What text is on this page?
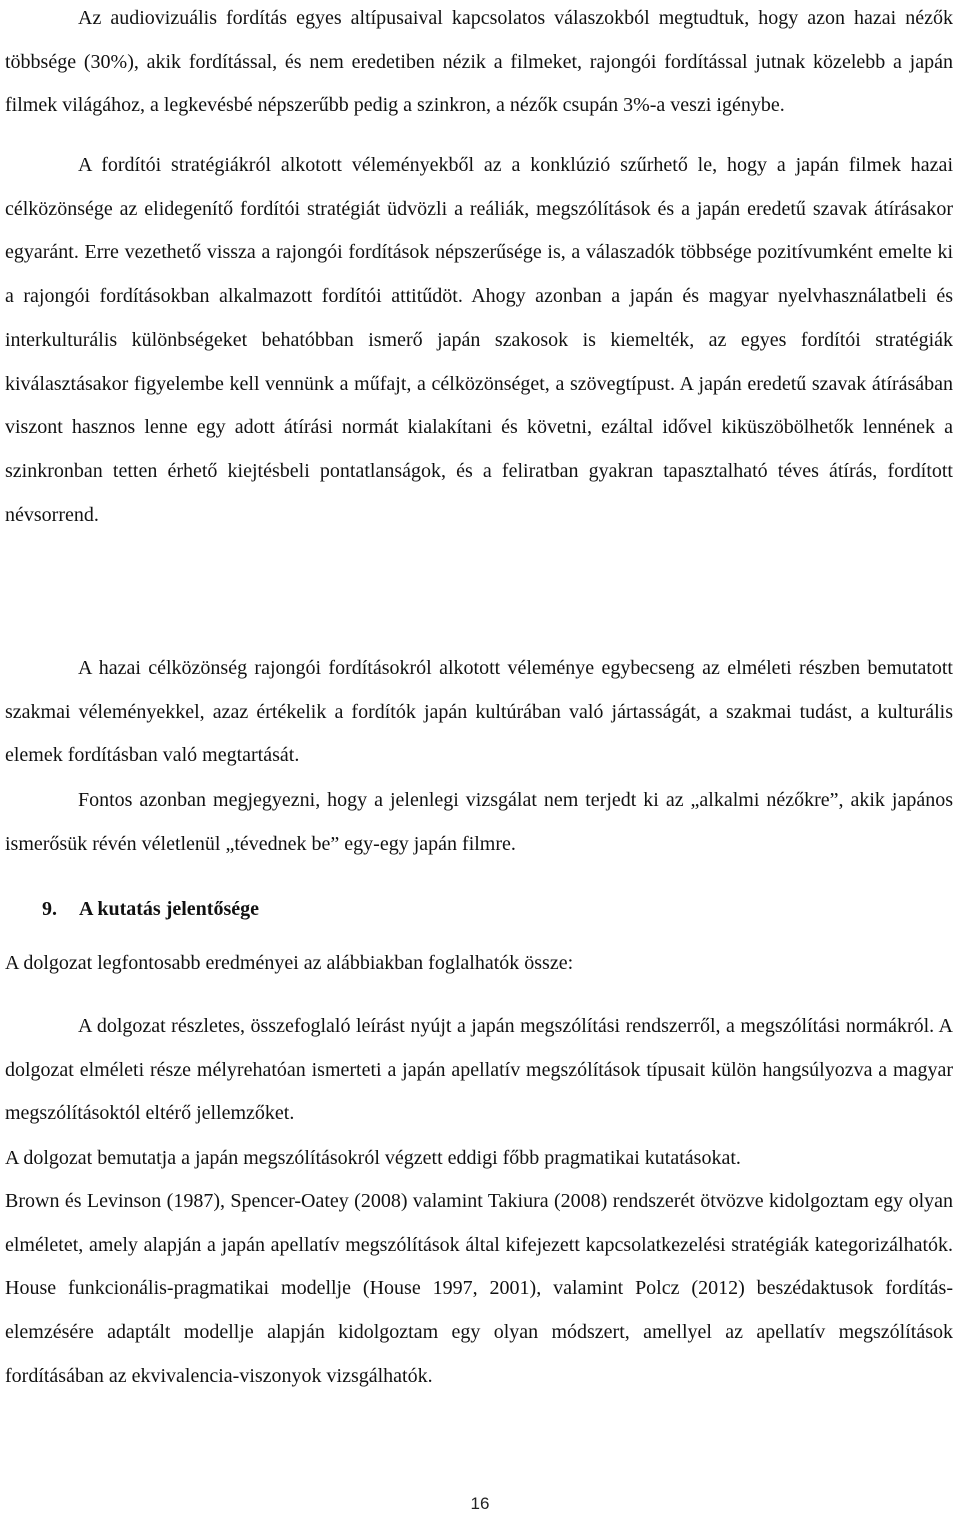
Az audiovizuális fordítás egyes altípusaival kapcsolatos válaszokból megtudtuk, hogy azon hazai nézők többsége (30%), akik fordítással, és nem eredetiben nézik a filmeket, rajongói fordítással jutnak közelebb a japán filmek világához, a legkevésbé népszerűbb pedig a szinkron, a nézők csupán 3%-a veszi igénybe.

A fordítói stratégiákról alkotott véleményekből az a konklúzió szűrhető le, hogy a japán filmek hazai célközönsége az elidegenítő fordítói stratégiát üdvözli a reáliák, megszólítások és a japán eredetű szavak átírásakor egyaránt. Erre vezethető vissza a rajongói fordítások népszerűsége is, a válaszadók többsége pozitívumként emelte ki a rajongói fordításokban alkalmazott fordítói attitűdöt. Ahogy azonban a japán és magyar nyelvhasználatbeli és interkulturális különbségeket behatóbban ismerő japán szakosok is kiemelték, az egyes fordítói stratégiák kiválasztásakor figyelembe kell vennünk a műfajt, a célközönséget, a szövegtípust. A japán eredetű szavak átírásában viszont hasznos lenne egy adott átírási normát kialakítani és követni, ezáltal idővel kiküszöbölhetők lennének a szinkronban tetten érhető kiejtésbeli pontatlanságok, és a feliratban gyakran tapasztalható téves átírás, fordított névsorrend.

A hazai célközönség rajongói fordításokról alkotott véleménye egybecseng az elméleti részben bemutatott szakmai véleményekkel, azaz értékelik a fordítók japán kultúrában való jártasságát, a szakmai tudást, a kulturális elemek fordításban való megtartását.

Fontos azonban megjegyezni, hogy a jelenlegi vizsgálat nem terjedt ki az „alkalmi nézőkre”, akik japános ismerősük révén véletlenül „tévednek be” egy-egy japán filmre.

9. A kutatás jelentősége

A dolgozat legfontosabb eredményei az alábbiakban foglalhatók össze:

A dolgozat részletes, összefoglaló leírást nyújt a japán megszólítási rendszerről, a megszólítási normákról. A dolgozat elméleti része mélyrehatóan ismerteti a japán apellatív megszólítások típusait külön hangsúlyozva a magyar megszólításoktól eltérő jellemzőket.

A dolgozat bemutatja a japán megszólításokról végzett eddigi főbb pragmatikai kutatásokat.

Brown és Levinson (1987), Spencer-Oatey (2008) valamint Takiura (2008) rendszerét ötvözve kidolgoztam egy olyan elméletet, amely alapján a japán apellatív megszólítások által kifejezett kapcsolatkezelési stratégiák kategorizálhatók. House funkcionális-pragmatikai modellje (House 1997, 2001), valamint Polcz (2012) beszédaktusok fordítás-elemzésére adaptált modellje alapján kidolgoztam egy olyan módszert, amellyel az apellatív megszólítások fordításában az ekvivalencia-viszonyok vizsgálhatók.

16
